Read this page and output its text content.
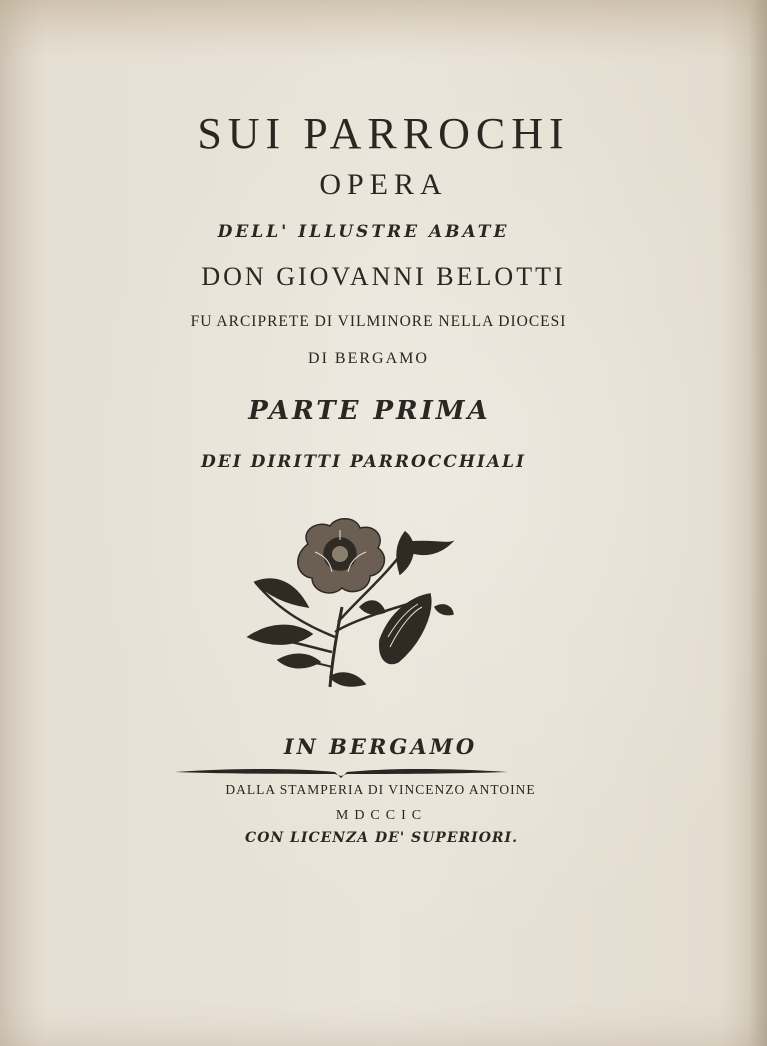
SUI PARROCHI
OPERA
DELL' ILLUSTRE ABATE
DON GIOVANNI BELOTTI
FU ARCIPRETE DI VILMINORE NELLA DIOCESI
DI BERGAMO
PARTE PRIMA
DEI DIRITTI PARROCCHIALI
IN BERGAMO
DALLA STAMPERIA DI VINCENZO ANTOINE
MDCCIC
CON LICENZA DE' SUPERIORI.
